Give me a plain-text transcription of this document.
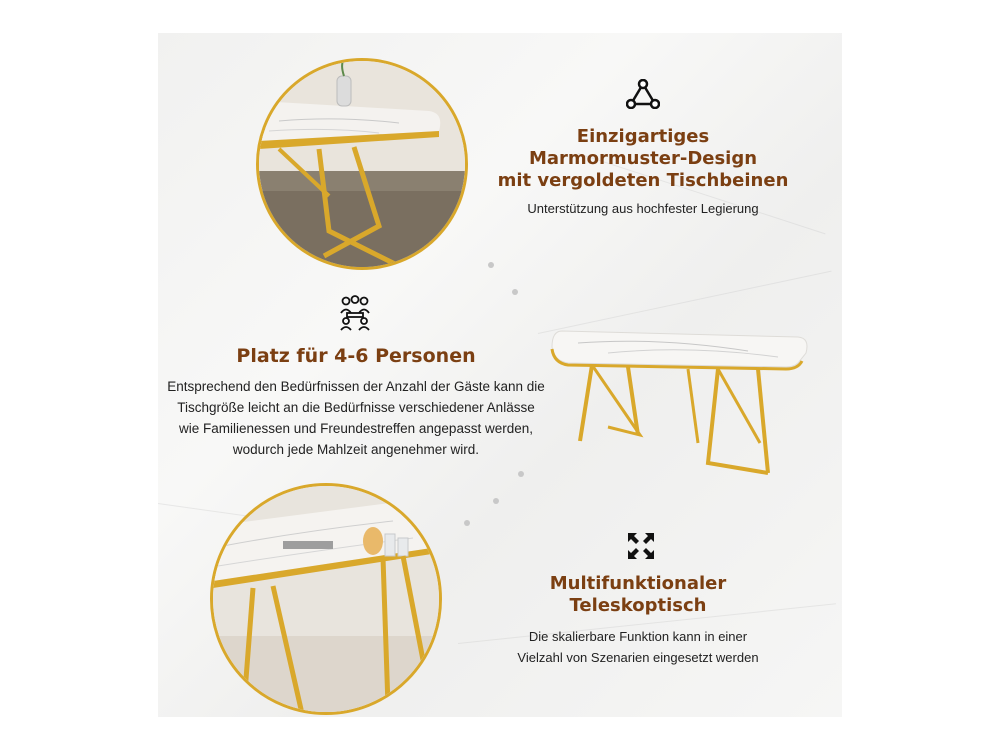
Einzigartiges
Marmormuster-Design
mit vergoldeten Tischbeinen
Unterstützung aus hochfester Legierung
Platz für 4-6 Personen
Entsprechend den Bedürfnissen der Anzahl der Gäste kann die
Tischgröße leicht an die Bedürfnisse verschiedener Anlässe
wie Familienessen und Freundestreffen angepasst werden,
wodurch jede Mahlzeit angenehmer wird.
Multifunktionaler
Teleskoptisch
Die skalierbare Funktion kann in einer
Vielzahl von Szenarien eingesetzt werden
